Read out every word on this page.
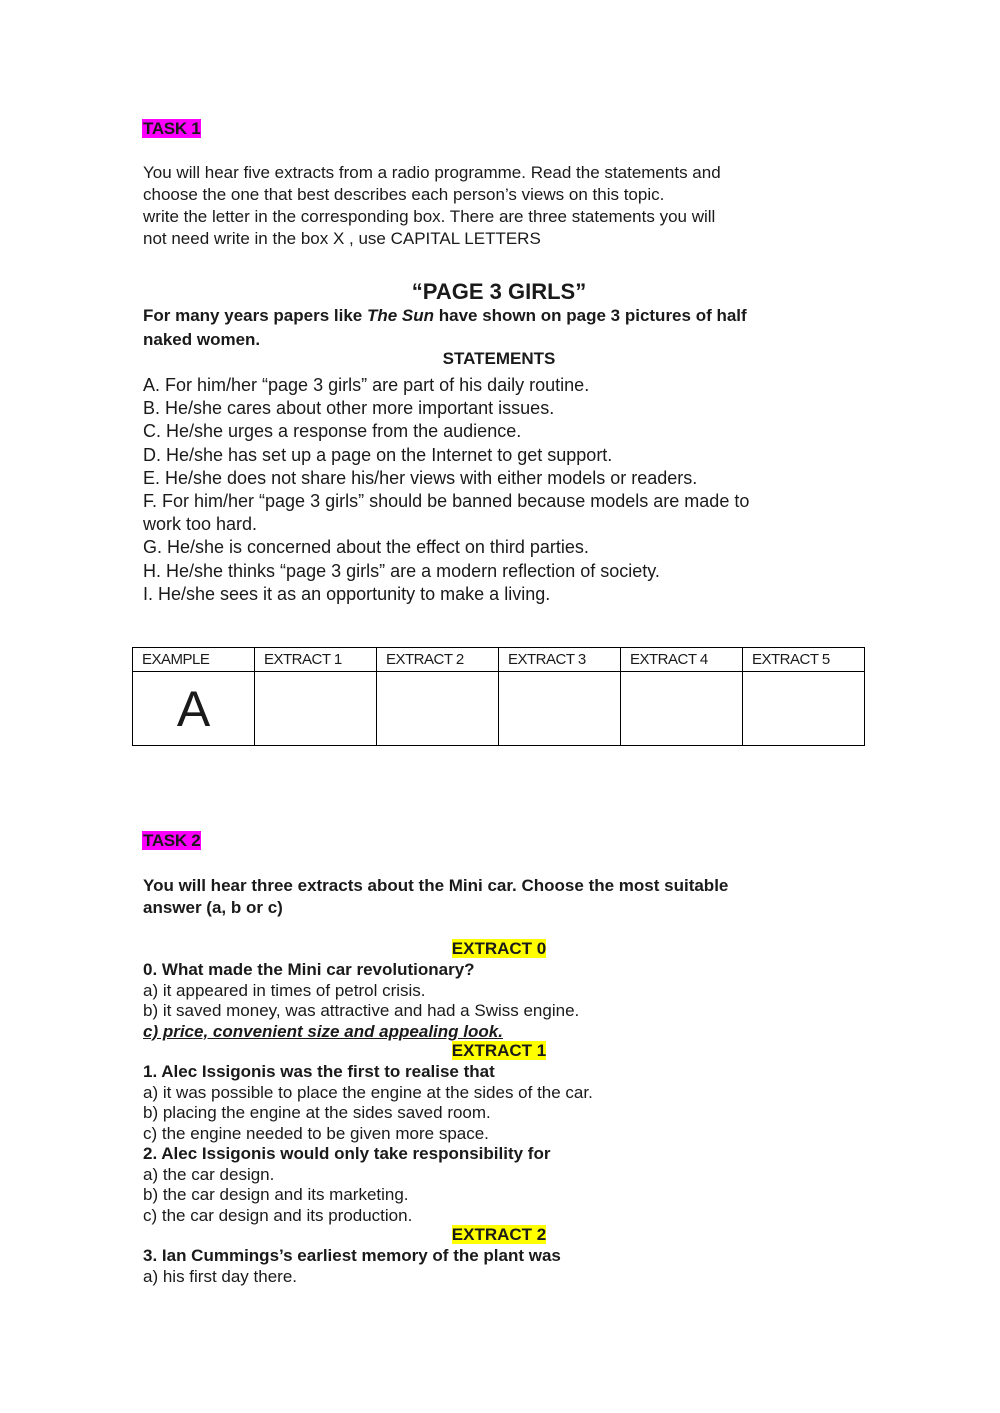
TASK 1
You will hear five extracts from a radio programme. Read the statements and
choose the one that best describes each person’s views on this topic.
write the letter in the corresponding box. There are three statements you will
not need write in the box X , use CAPITAL LETTERS
“PAGE 3 GIRLS”
For many years papers like The Sun have shown on page 3 pictures of half
naked women.
STATEMENTS
A. For him/her “page 3 girls” are part of his daily routine.
B. He/she cares about other more important issues.
C. He/she urges a response from the audience.
D. He/she has set up a page on the Internet to get support.
E. He/she does not share his/her views with either models or readers.
F. For him/her “page 3 girls” should be banned because models are made to
work too hard.
G. He/she is concerned about the effect on third parties.
H. He/she thinks “page 3 girls” are a modern reflection of society.
I. He/she sees it as an opportunity to make a living.
EXAMPLE	EXTRACT 1	EXTRACT 2	EXTRACT 3	EXTRACT 4	EXTRACT 5
A					
TASK 2
You will hear three extracts about the Mini car. Choose the most suitable
answer (a, b or c)
EXTRACT 0
0. What made the Mini car revolutionary?
a) it appeared in times of petrol crisis.
b) it saved money, was attractive and had a Swiss engine.
c) price, convenient size and appealing look.
EXTRACT 1
1. Alec Issigonis was the first to realise that
a) it was possible to place the engine at the sides of the car.
b) placing the engine at the sides saved room.
c) the engine needed to be given more space.
2. Alec Issigonis would only take responsibility for
a) the car design.
b) the car design and its marketing.
c) the car design and its production.
EXTRACT 2
3. Ian Cummings’s earliest memory of the plant was
a) his first day there.
